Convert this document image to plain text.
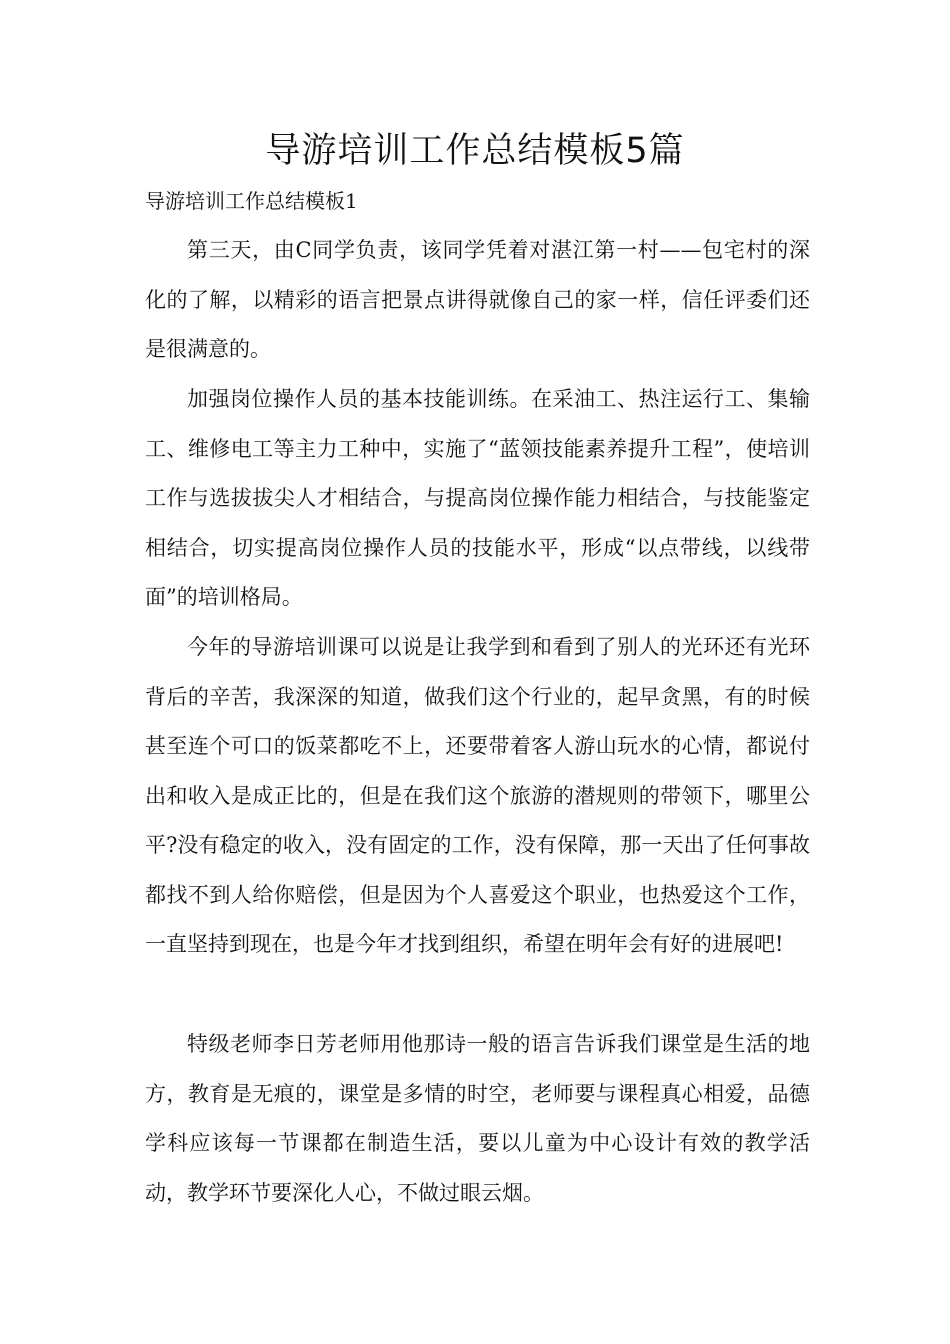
导游培训工作总结模板5篇

导游培训工作总结模板1

第三天，由C同学负责，该同学凭着对湛江第一村——包宅村的深化的了解，以精彩的语言把景点讲得就像自己的家一样，信任评委们还是很满意的。

加强岗位操作人员的基本技能训练。在采油工、热注运行工、集输工、维修电工等主力工种中，实施了“蓝领技能素养提升工程”，使培训工作与选拔拔尖人才相结合，与提高岗位操作能力相结合，与技能鉴定相结合，切实提高岗位操作人员的技能水平，形成“以点带线，以线带面”的培训格局。

今年的导游培训课可以说是让我学到和看到了别人的光环还有光环背后的辛苦，我深深的知道，做我们这个行业的，起早贪黑，有的时候甚至连个可口的饭菜都吃不上，还要带着客人游山玩水的心情，都说付出和收入是成正比的，但是在我们这个旅游的潜规则的带领下，哪里公平?没有稳定的收入，没有固定的工作，没有保障，那一天出了任何事故都找不到人给你赔偿，但是因为个人喜爱这个职业，也热爱这个工作，一直坚持到现在，也是今年才找到组织，希望在明年会有好的进展吧!

特级老师李日芳老师用他那诗一般的语言告诉我们课堂是生活的地方，教育是无痕的，课堂是多情的时空，老师要与课程真心相爱，品德学科应该每一节课都在制造生活，要以儿童为中心设计有效的教学活动，教学环节要深化人心，不做过眼云烟。
